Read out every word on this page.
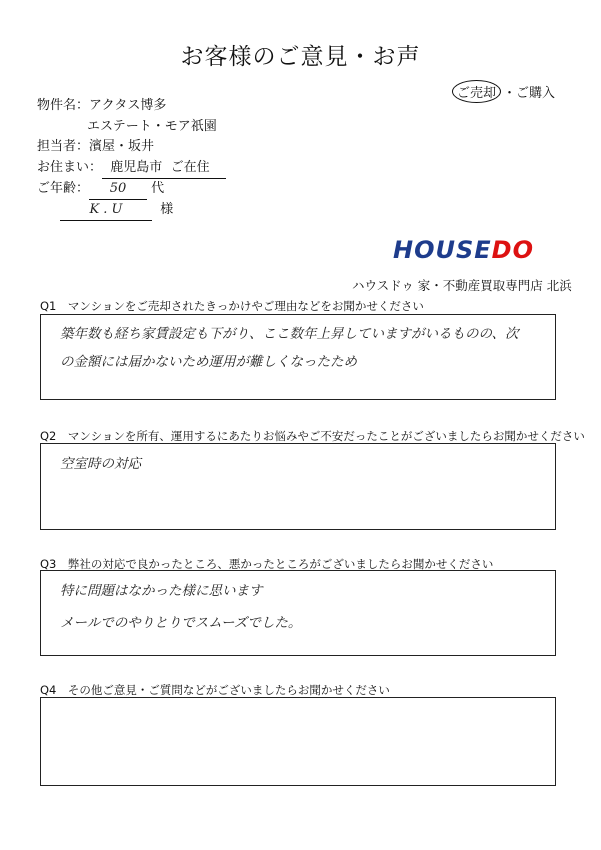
お客様のご意見・お声
ご売却 ・ご購入
物件名：アクタス博多
エステート・モア祇園
担当者：濱屋・坂井
お住まい： 鹿児島市 ご在住
ご年齢： 50 代
K . U	様
HOUSEDO
ハウスドゥ 家・不動産買取専門店 北浜
Q1　マンションをご売却されたきっかけやご理由などをお聞かせください
築年数も経ち家賃設定も下がり、ここ数年上昇していますがいるものの、次の金額には届かないため運用が難しくなったため
Q2　マンションを所有、運用するにあたりお悩みやご不安だったことがございましたらお聞かせください
空室時の対応
Q3　弊社の対応で良かったところ、悪かったところがございましたらお聞かせください
特に問題はなかった様に思います
メールでのやりとりでスムーズでした。
Q4　その他ご意見・ご質問などがございましたらお聞かせください
